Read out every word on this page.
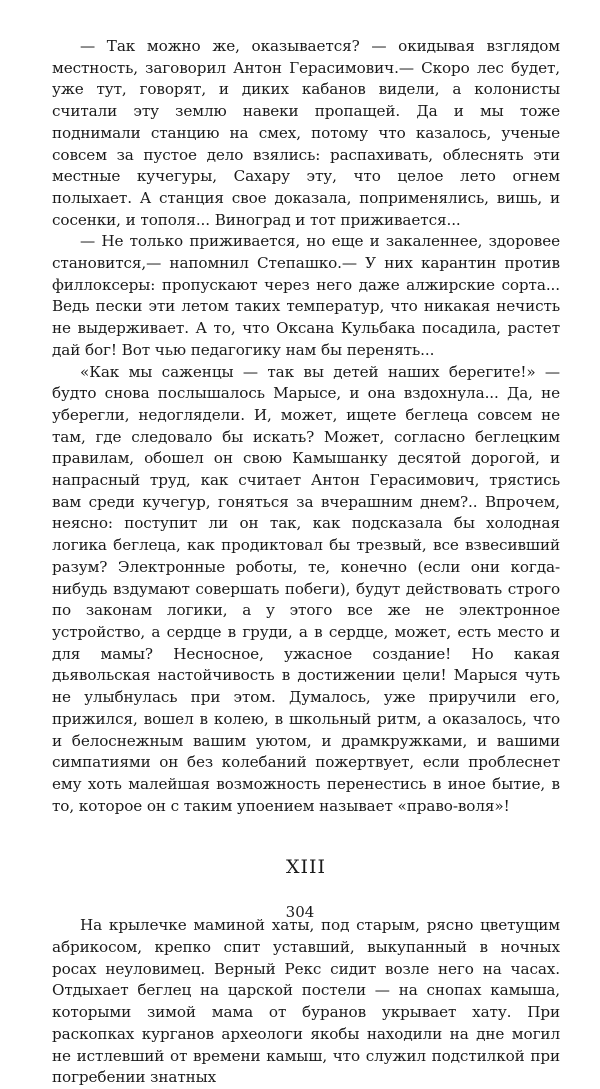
— Так можно же, оказывается? — окидывая взглядом местность, заговорил Антон Герасимович.— Скоро лес будет, уже тут, говорят, и диких кабанов видели, а колонисты считали эту землю навеки пропащей. Да и мы тоже поднимали станцию на смех, потому что казалось, ученые совсем за пустое дело взялись: распахивать, облеснять эти местные кучегуры, Сахару эту, что целое лето огнем полыхает. А станция свое доказала, поприменялись, вишь, и сосенки, и тополя... Виноград и тот приживается...

— Не только приживается, но еще и закаленнее, здоровее становится,— напомнил Степашко.— У них карантин против филлоксеры: пропускают через него даже алжирские сорта... Ведь пески эти летом таких температур, что никакая нечисть не выдерживает. А то, что Оксана Кульбака посадила, растет дай бог! Вот чью педагогику нам бы перенять...

«Как мы саженцы — так вы детей наших берегите!» — будто снова послышалось Марысе, и она вздохнула... Да, не уберегли, недоглядели. И, может, ищете беглеца совсем не там, где следовало бы искать? Может, согласно беглецким правилам, обошел он свою Камышанку десятой дорогой, и напрасный труд, как считает Антон Герасимович, трястись вам среди кучегур, гоняться за вчерашним днем?.. Впрочем, неясно: поступит ли он так, как подсказала бы холодная логика беглеца, как продиктовал бы трезвый, все взвесивший разум? Электронные роботы, те, конечно (если они когда-нибудь вздумают совершать побеги), будут действовать строго по законам логики, а у этого все же не электронное устройство, а сердце в груди, а в сердце, может, есть место и для мамы? Несносное, ужасное создание! Но какая дьявольская настойчивость в достижении цели! Марыся чуть не улыбнулась при этом. Думалось, уже приручили его, прижился, вошел в колею, в школьный ритм, а оказалось, что и белоснежным вашим уютом, и драмкружками, и вашими симпатиями он без колебаний пожертвует, если проблеснет ему хоть малейшая возможность перенестись в иное бытие, в то, которое он с таким упоением называет «право-воля»!

XIII

На крылечке маминой хаты, под старым, рясно цветущим абрикосом, крепко спит уставший, выкупанный в ночных росах неуловимец. Верный Рекс сидит возле него на часах. Отдыхает беглец на царской постели — на снопах камыша, которыми зимой мама от буранов укрывает хату. При раскопках курганов археологи якобы находили на дне могил не истлевший от времени камыш, что служил подстилкой при погребении знатных

304
